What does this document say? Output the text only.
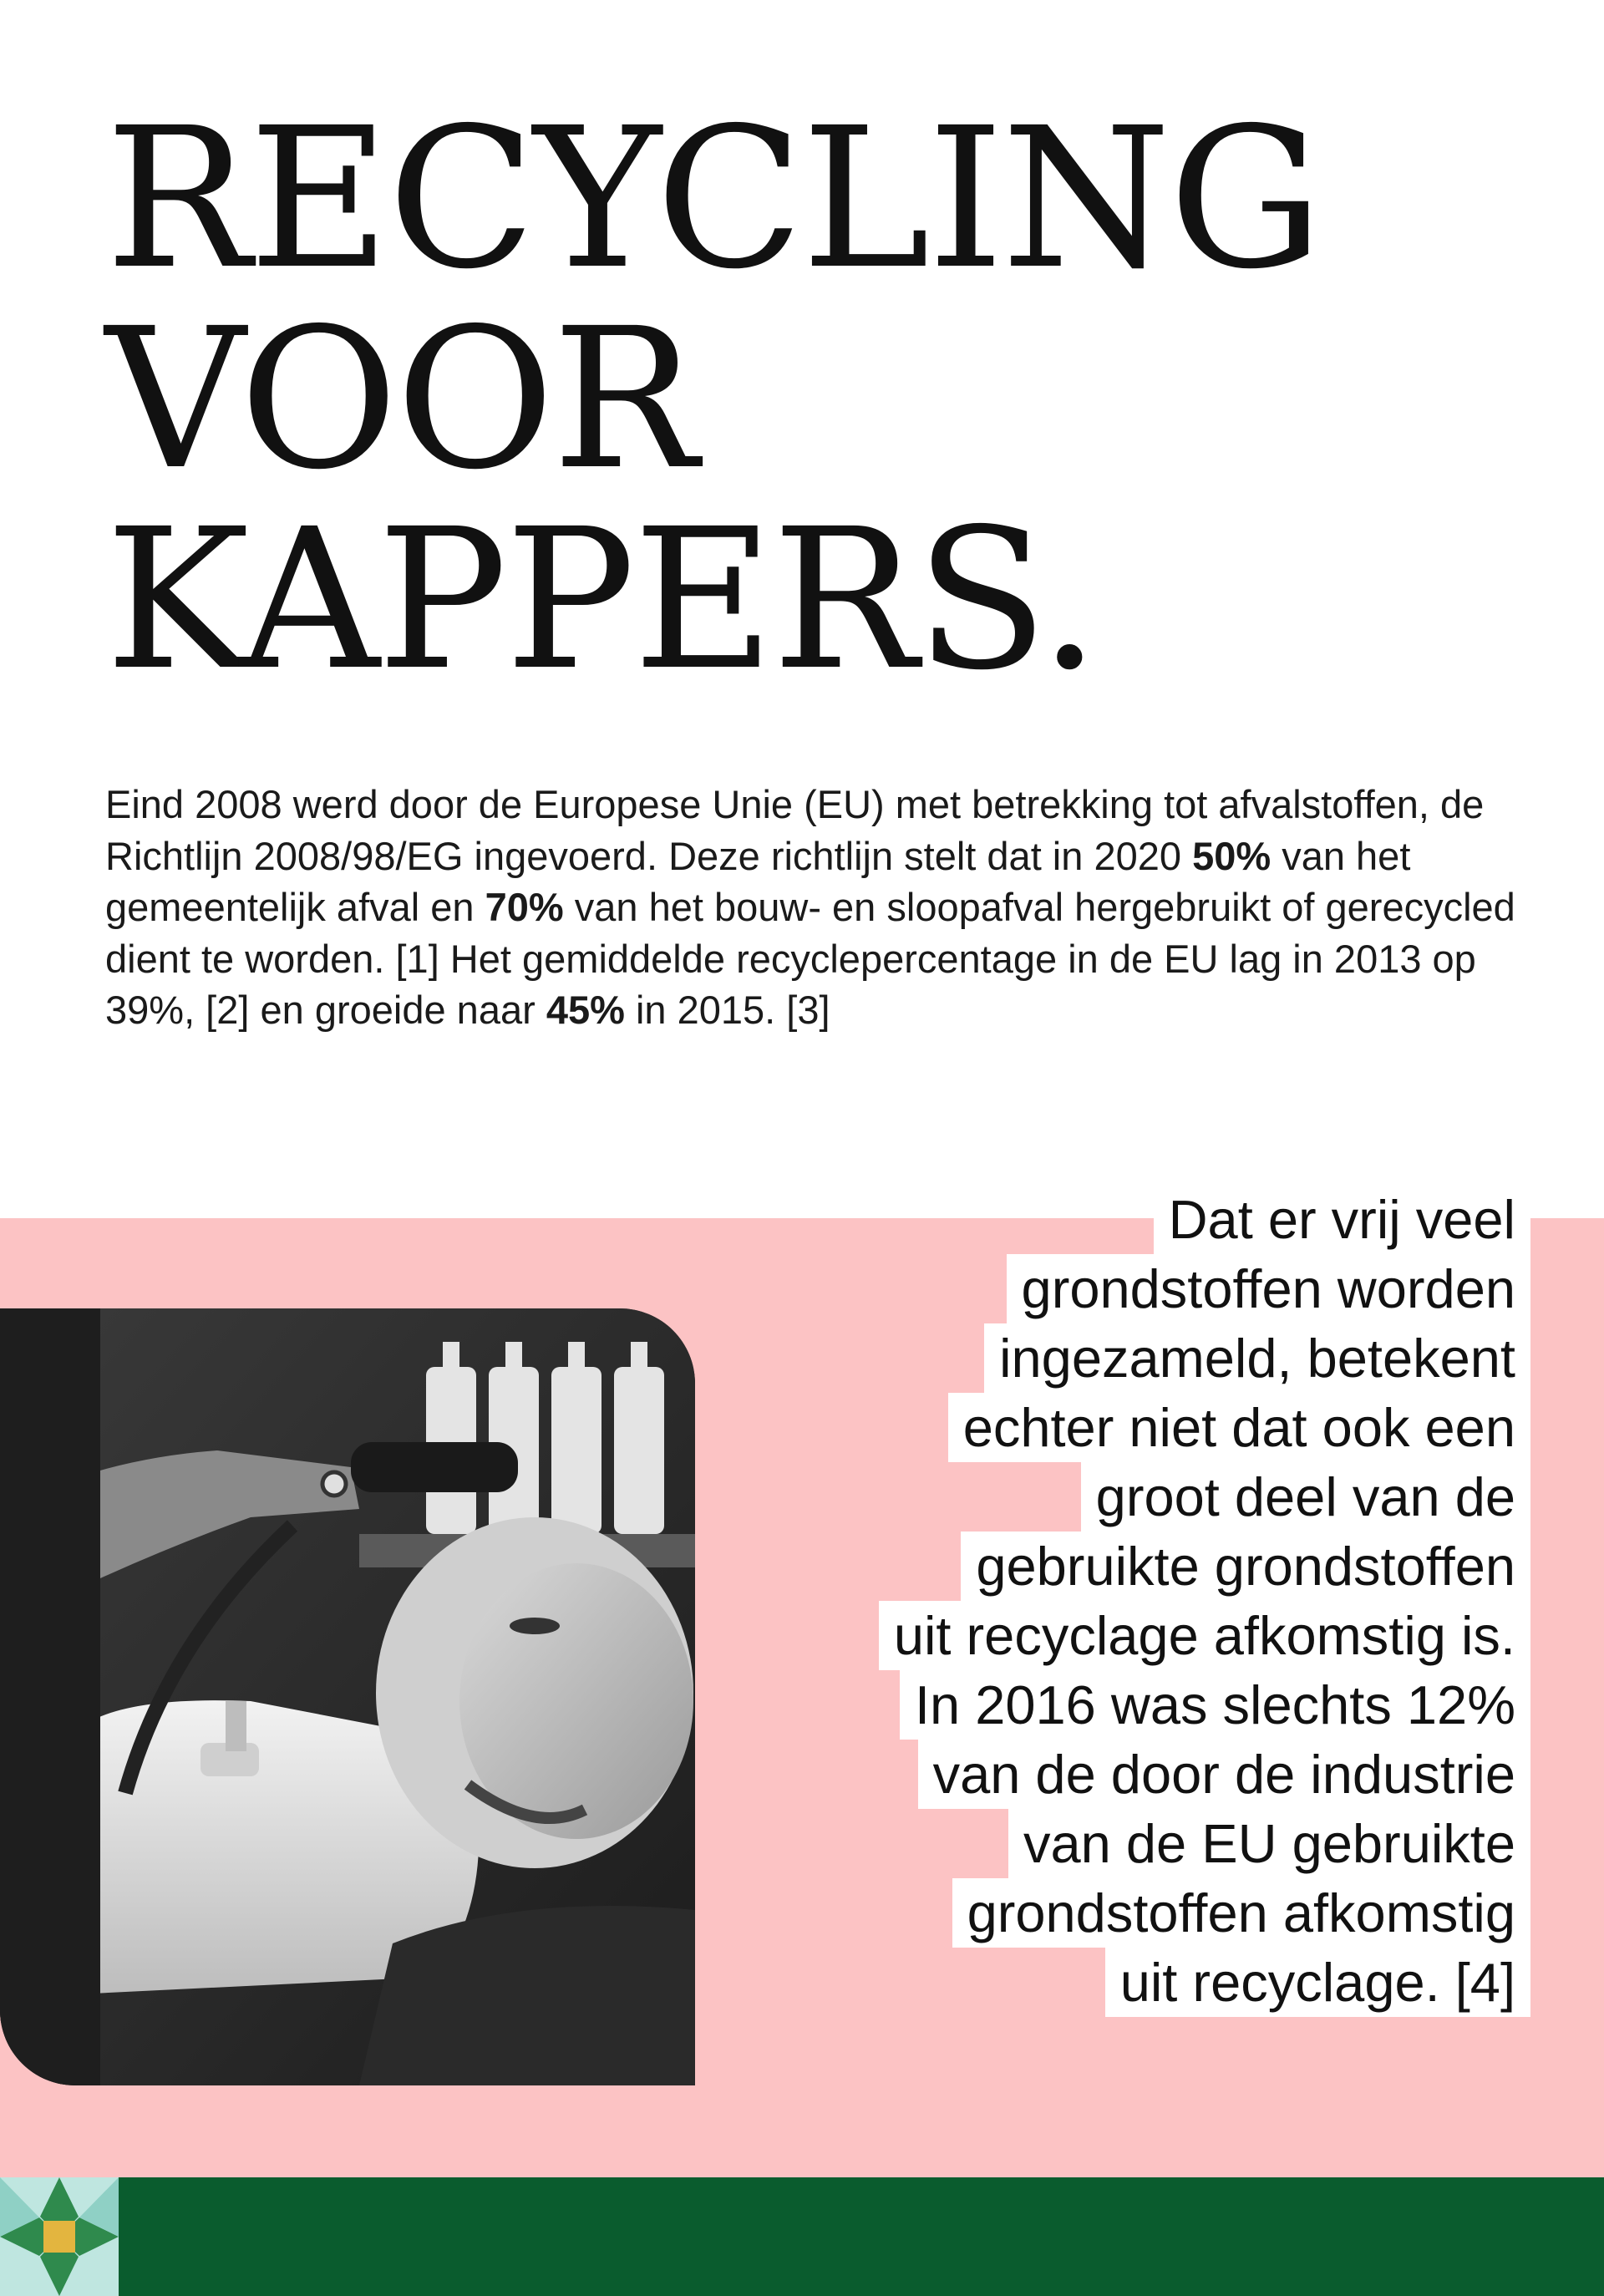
RECYCLING
VOOR
KAPPERS.

Eind 2008 werd door de Europese Unie (EU) met betrekking tot afvalstoffen, de Richtlijn 2008/98/EG ingevoerd. Deze richtlijn stelt dat in 2020 50% van het gemeentelijk afval en 70% van het bouw- en sloopafval hergebruikt of gerecycled dient te worden. [1] Het gemiddelde recyclepercentage in de EU lag in 2013 op 39%, [2] en groeide naar 45% in 2015. [3]

Dat er vrij veel
grondstoffen worden
ingezameld, betekent
echter niet dat ook een
groot deel van de
gebruikte grondstoffen
uit recyclage afkomstig is.
In 2016 was slechts 12%
van de door de industrie
van de EU gebruikte
grondstoffen afkomstig
uit recyclage. [4]
